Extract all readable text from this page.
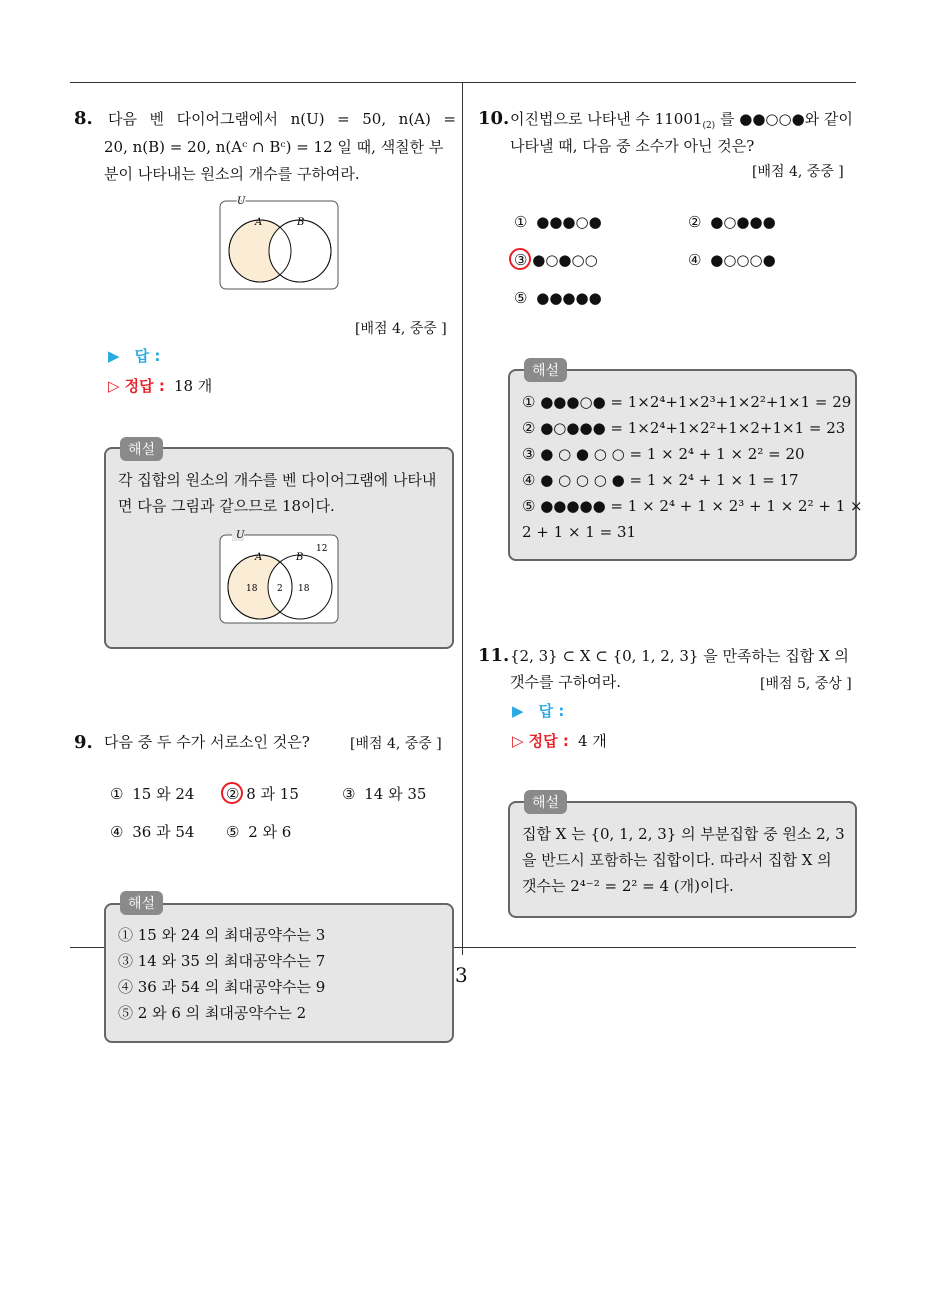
3
8. 다음 벤 다이어그램에서 n(U) = 50, n(A) =
20, n(B) = 20, n(Aᶜ ∩ Bᶜ) = 12 일 때, 색칠한 부
분이 나타내는 원소의 개수를 구하여라.
U
A	B
[배점 4, 중중 ]
▶ 답 :
▷ 정답 : 18 개
해설
각 집합의 원소의 개수를 벤 다이어그램에 나타내
면 다음 그림과 같으므로 18이다.
U
A	B
12
18 2 18
9. 다음 중 두 수가 서로소인 것은?	[배점 4, 중중 ]
① 15 와 24 ② 8 과 15	③ 14 와 35
④ 36 과 54 ⑤ 2 와 6
해설
① 15 와 24 의 최대공약수는 3
③ 14 와 35 의 최대공약수는 7
④ 36 과 54 의 최대공약수는 9
⑤ 2 와 6 의 최대공약수는 2
10. 이진법으로 나타낸 수 $11001_{(2)}$ 를 ●●○○●와 같이
나타낼 때, 다음 중 소수가 아닌 것은?
[배점 4, 중중 ]
① ●●●○●	② ●○●●●
③ ●○●○○	④ ●○○○●
⑤ ●●●●●
해설
① ●●●○● = 1×2⁴+1×2³+1×2²+1×1 = 29
② ●○●●● = 1×2⁴+1×2²+1×2+1×1 = 23
③ ● ○ ● ○ ○ = 1 × 2⁴ + 1 × 2² = 20
④ ● ○ ○ ○ ● = 1 × 2⁴ + 1 × 1 = 17
⑤ ●●●●● = 1 × 2⁴ + 1 × 2³ + 1 × 2² + 1 ×
2 + 1 × 1 = 31
11. {2, 3} ⊂ X ⊂ {0, 1, 2, 3} 을 만족하는 집합 X 의
갯수를 구하여라.	[배점 5, 중상 ]
▶ 답 :
▷ 정답 : 4 개
해설
집합 X 는 {0, 1, 2, 3} 의 부분집합 중 원소 2, 3
을 반드시 포함하는 집합이다. 따라서 집합 X 의
갯수는 2⁴⁻² = 2² = 4 (개)이다.
